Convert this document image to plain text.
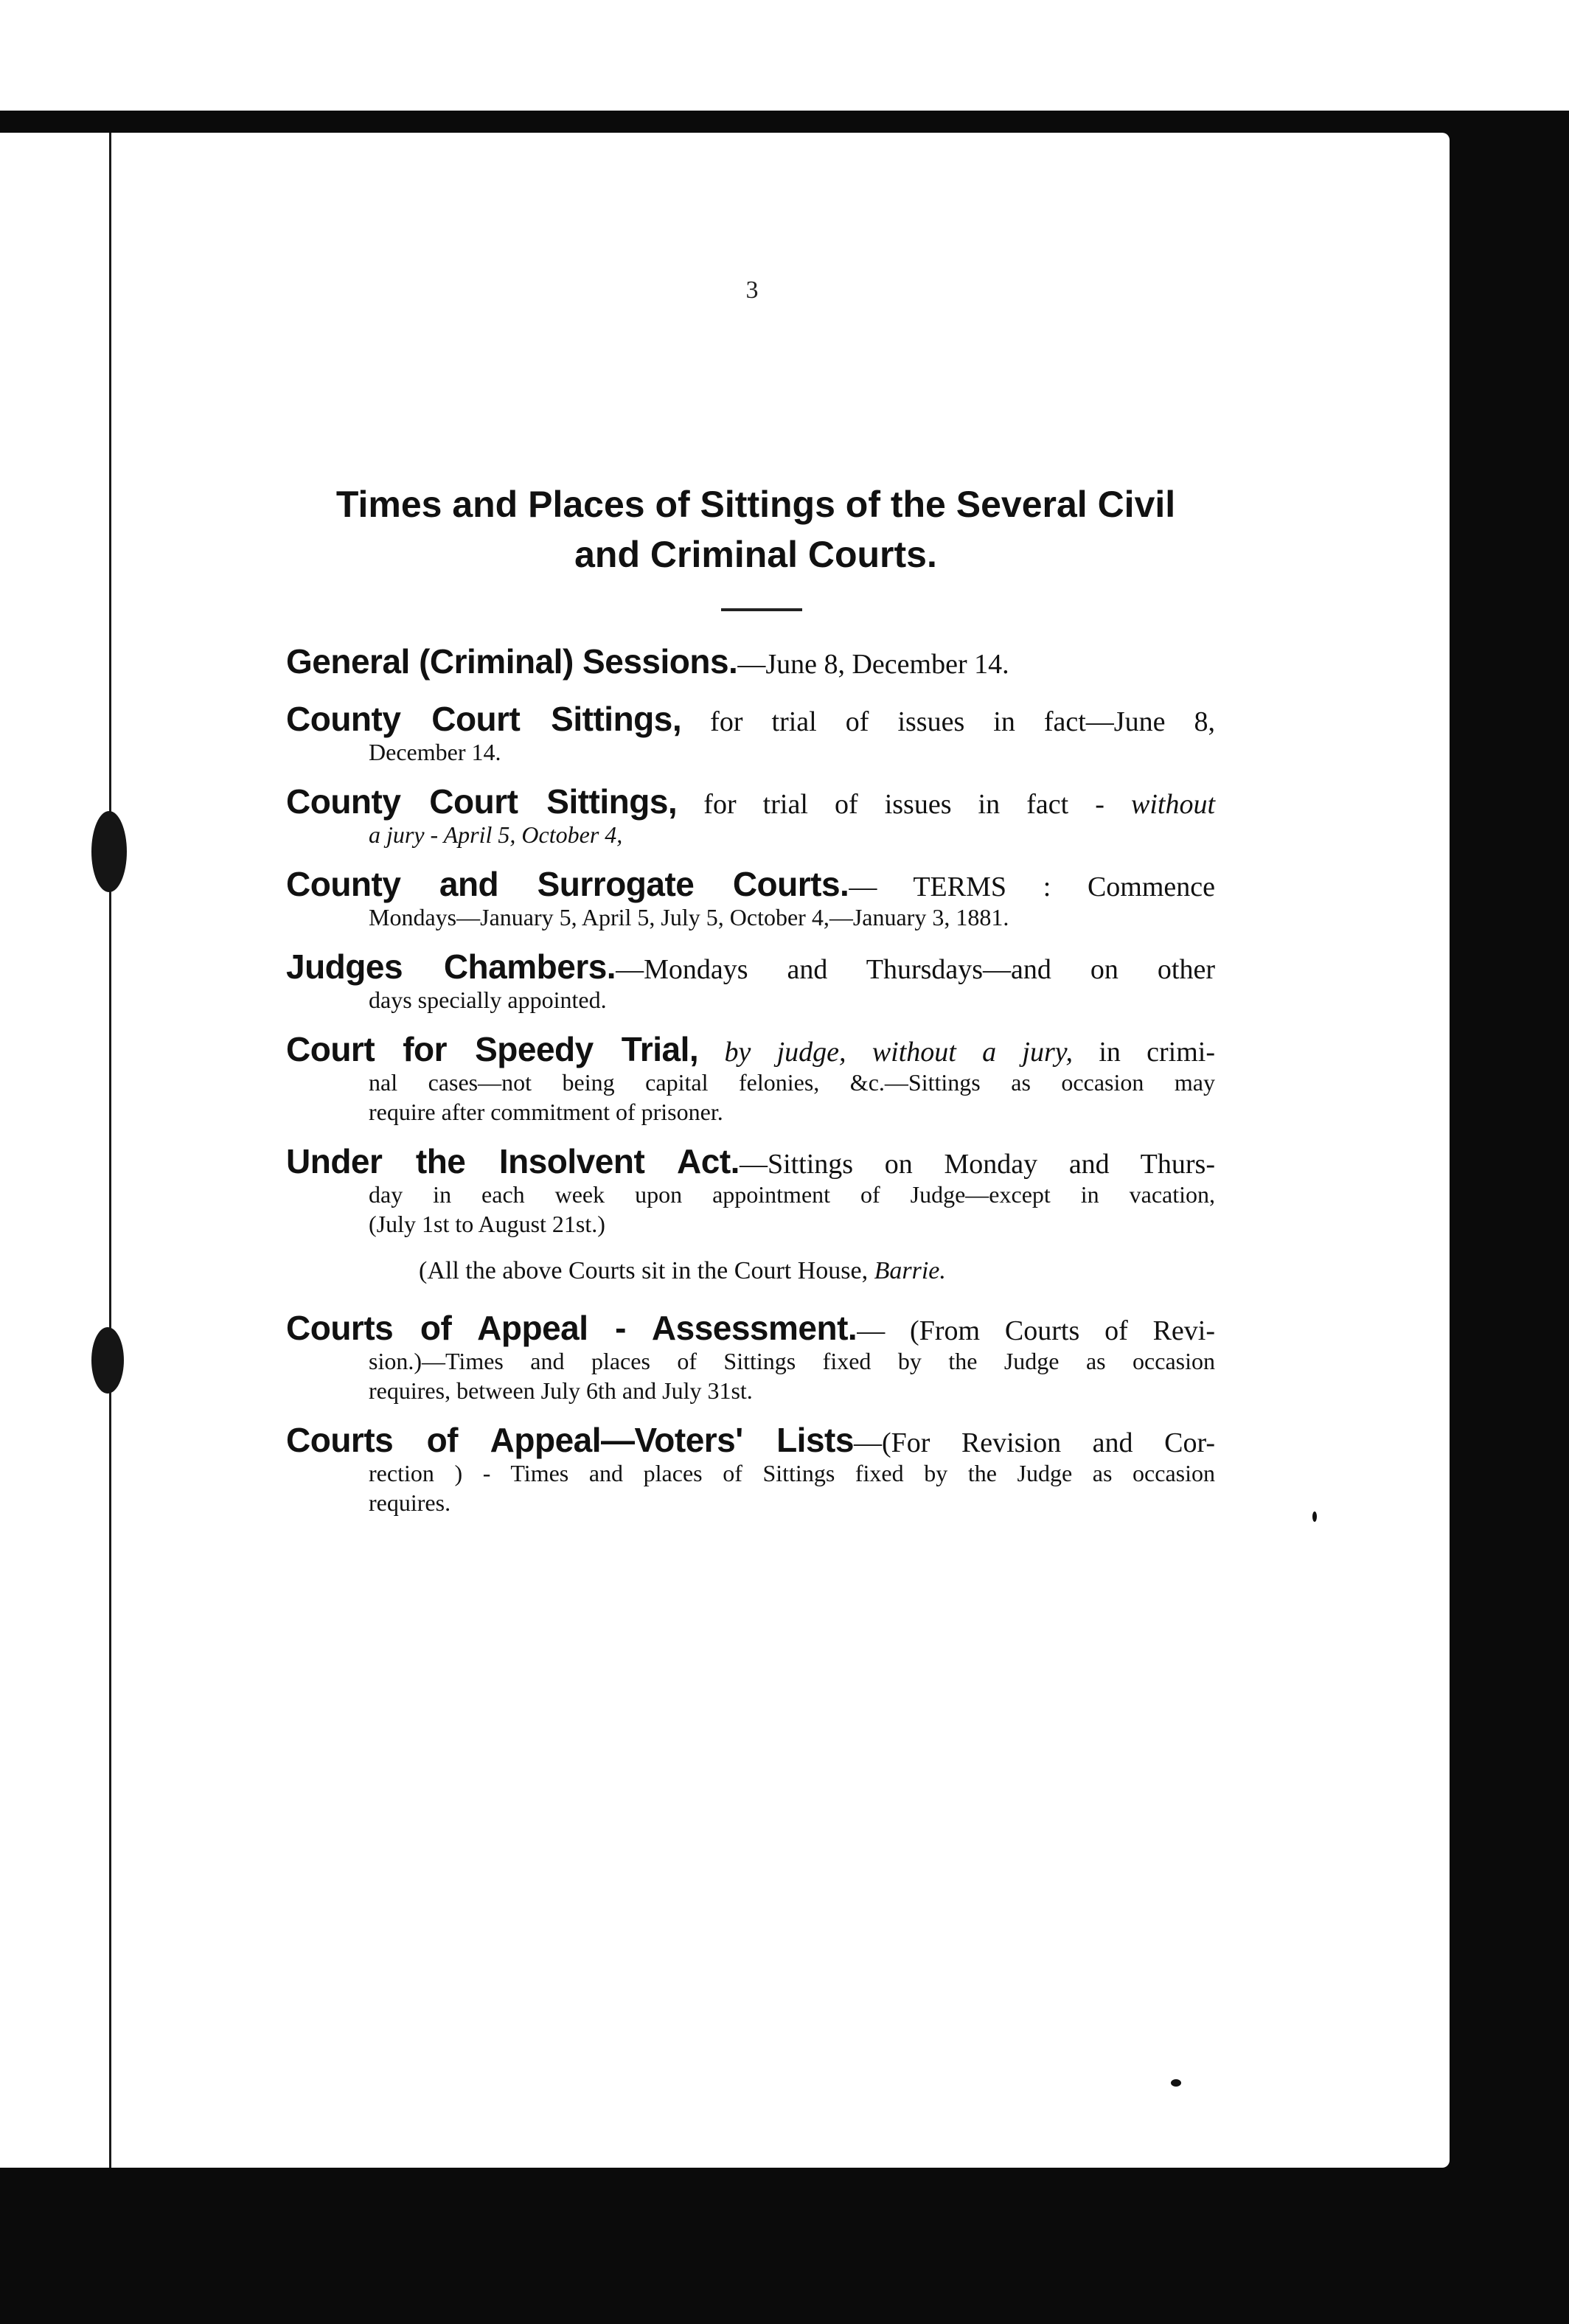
3
Times and Places of Sittings of the Several Civil
and Criminal Courts.
General (Criminal) Sessions.—June 8, December 14.
County Court Sittings, for trial of issues in fact—June 8,
December 14.
County Court Sittings, for trial of issues in fact - without
a jury - April 5, October 4,
County and Surrogate Courts.— TERMS : Commence
Mondays—January 5, April 5, July 5, October 4,—January 3, 1881.
Judges Chambers.—Mondays and Thursdays—and on other
days specially appointed.
Court for Speedy Trial, by judge, without a jury, in crimi-
nal cases—not being capital felonies, &c.—Sittings as occasion may
require after commitment of prisoner.
Under the Insolvent Act.—Sittings on Monday and Thurs-
day in each week upon appointment of Judge—except in vacation,
(July 1st to August 21st.)
(All the above Courts sit in the Court House, Barrie.
Courts of Appeal - Assessment.— (From Courts of Revi-
sion.)—Times and places of Sittings fixed by the Judge as occasion
requires, between July 6th and July 31st.
Courts of Appeal—Voters' Lists—(For Revision and Cor-
rection ) - Times and places of Sittings fixed by the Judge as occasion
requires.
